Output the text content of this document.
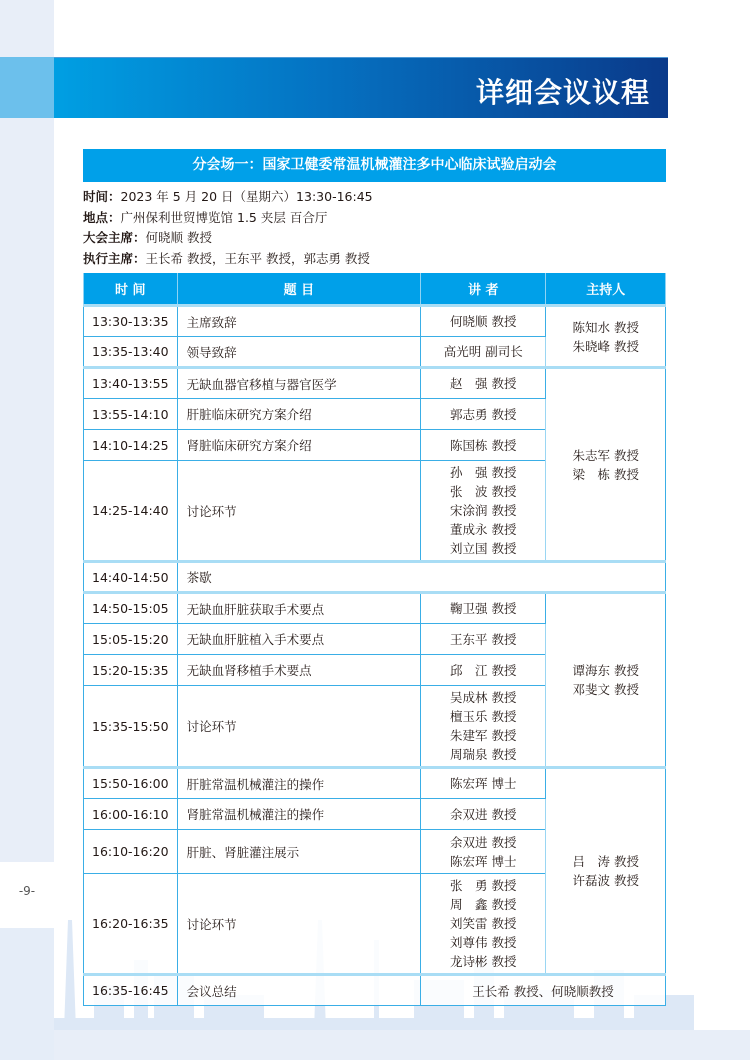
-9-
详细会议议程
分会场一：国家卫健委常温机械灌注多中心临床试验启动会
时间：2023 年 5 月 20 日（星期六）13:30-16:45
地点：广州保利世贸博览馆 1.5 夹层 百合厅
大会主席：何晓顺 教授
执行主席：王长希 教授，王东平 教授，郭志勇 教授
时 间	题 目	讲 者	主持人
13:30-13:35	主席致辞	何晓顺 教授	陈知水 教授
朱晓峰 教授

13:35-13:40	领导致辞	高光明 副司长	

13:40-13:55	无缺血器官移植与器官医学	赵　强 教授	朱志军 教授
梁　栋 教授

13:55-14:10	肝脏临床研究方案介绍	郭志勇 教授	

14:10-14:25	肾脏临床研究方案介绍	陈国栋 教授	

14:25-14:40	讨论环节	孙　强 教授
张　波 教授
宋涂润 教授
董成永 教授
刘立国 教授	

14:40-14:50	茶歇		
14:50-15:05	无缺血肝脏获取手术要点	鞠卫强 教授	谭海东 教授
邓斐文 教授

15:05-15:20	无缺血肝脏植入手术要点	王东平 教授	

15:20-15:35	无缺血肾移植手术要点	邱　江 教授	

15:35-15:50	讨论环节	吴成林 教授
檀玉乐 教授
朱建军 教授
周瑞泉 教授	

15:50-16:00	肝脏常温机械灌注的操作	陈宏珲 博士	吕　涛 教授
许磊波 教授

16:00-16:10	肾脏常温机械灌注的操作	余双进 教授	

16:10-16:20	肝脏、肾脏灌注展示	余双进 教授
陈宏珲 博士	

16:20-16:35	讨论环节	张　勇 教授
周　鑫 教授
刘笑雷 教授
刘尊伟 教授
龙诗彬 教授	

16:35-16:45	会议总结	王长希 教授、何晓顺教授	
